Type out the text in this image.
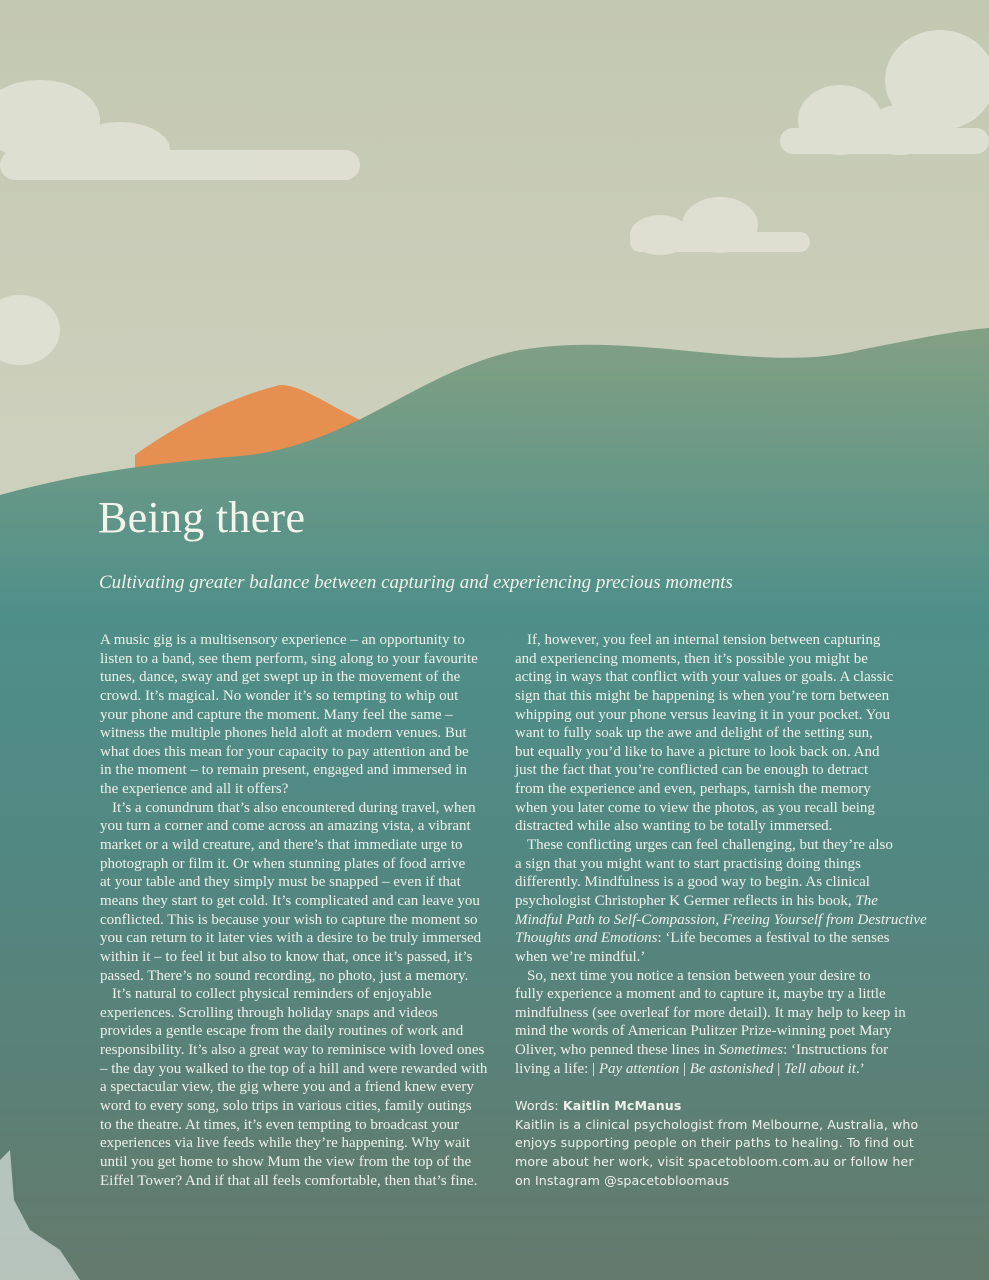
Being there
Cultivating greater balance between capturing and experiencing precious moments
A music gig is a multisensory experience – an opportunity to
listen to a band, see them perform, sing along to your favourite
tunes, dance, sway and get swept up in the movement of the
crowd. It’s magical. No wonder it’s so tempting to whip out
your phone and capture the moment. Many feel the same –
witness the multiple phones held aloft at modern venues. But
what does this mean for your capacity to pay attention and be
in the moment – to remain present, engaged and immersed in
the experience and all it offers?
It’s a conundrum that’s also encountered during travel, when
you turn a corner and come across an amazing vista, a vibrant
market or a wild creature, and there’s that immediate urge to
photograph or film it. Or when stunning plates of food arrive
at your table and they simply must be snapped – even if that
means they start to get cold. It’s complicated and can leave you
conflicted. This is because your wish to capture the moment so
you can return to it later vies with a desire to be truly immersed
within it – to feel it but also to know that, once it’s passed, it’s
passed. There’s no sound recording, no photo, just a memory.
It’s natural to collect physical reminders of enjoyable
experiences. Scrolling through holiday snaps and videos
provides a gentle escape from the daily routines of work and
responsibility. It’s also a great way to reminisce with loved ones
– the day you walked to the top of a hill and were rewarded with
a spectacular view, the gig where you and a friend knew every
word to every song, solo trips in various cities, family outings
to the theatre. At times, it’s even tempting to broadcast your
experiences via live feeds while they’re happening. Why wait
until you get home to show Mum the view from the top of the
Eiffel Tower? And if that all feels comfortable, then that’s fine.
If, however, you feel an internal tension between capturing
and experiencing moments, then it’s possible you might be
acting in ways that conflict with your values or goals. A classic
sign that this might be happening is when you’re torn between
whipping out your phone versus leaving it in your pocket. You
want to fully soak up the awe and delight of the setting sun,
but equally you’d like to have a picture to look back on. And
just the fact that you’re conflicted can be enough to detract
from the experience and even, perhaps, tarnish the memory
when you later come to view the photos, as you recall being
distracted while also wanting to be totally immersed.
These conflicting urges can feel challenging, but they’re also
a sign that you might want to start practising doing things
differently. Mindfulness is a good way to begin. As clinical
psychologist Christopher K Germer reflects in his book, The
Mindful Path to Self-Compassion, Freeing Yourself from Destructive
Thoughts and Emotions: ‘Life becomes a festival to the senses
when we’re mindful.’
So, next time you notice a tension between your desire to
fully experience a moment and to capture it, maybe try a little
mindfulness (see overleaf for more detail). It may help to keep in
mind the words of American Pulitzer Prize-winning poet Mary
Oliver, who penned these lines in Sometimes: ‘Instructions for
living a life: | Pay attention | Be astonished | Tell about it.’
Words: Kaitlin McManus
Kaitlin is a clinical psychologist from Melbourne, Australia, who
enjoys supporting people on their paths to healing. To find out
more about her work, visit spacetobloom.com.au or follow her
on Instagram @spacetobloomaus
